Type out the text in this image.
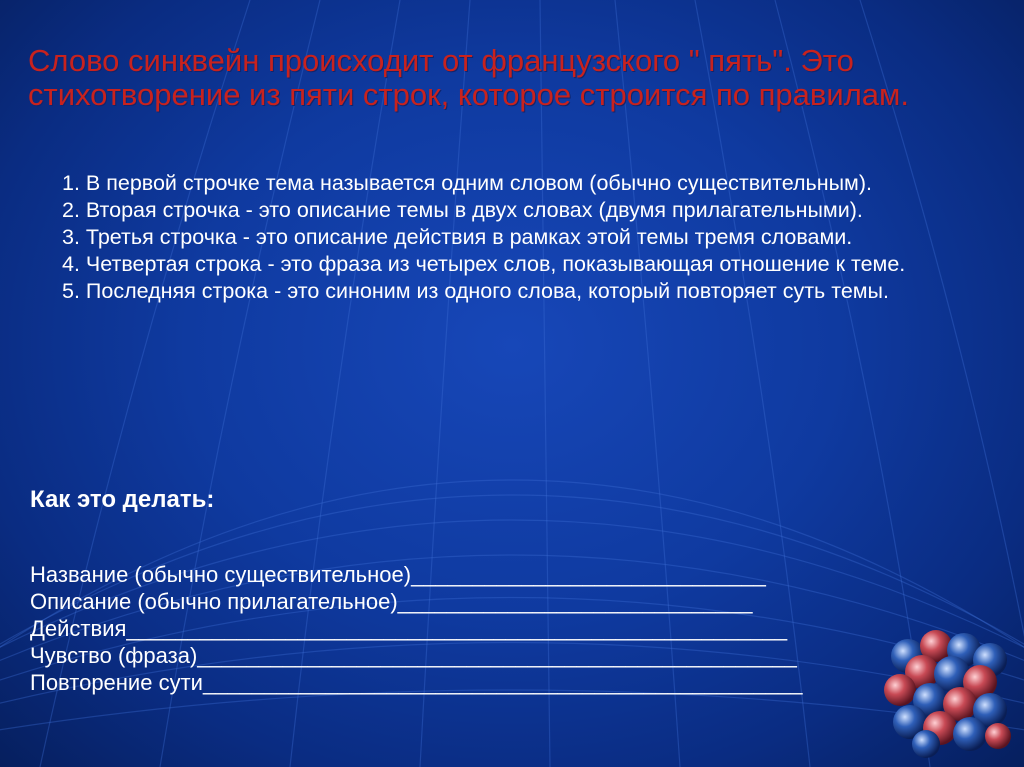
Слово синквейн происходит от французского " пять". Это стихотворение из пяти строк, которое строится по правилам.

1. В первой строчке тема называется одним словом (обычно существительным).

2. Вторая строчка - это описание темы в двух словах (двумя прилагательными).

3. Третья строчка - это описание действия в рамках этой темы тремя словами.

4. Четвертая строка - это фраза из четырех слов, показывающая отношение к теме.

5. Последняя строка - это синоним из одного слова, который повторяет суть темы.

Как это делать:
Название (обычно существительное)_____________________________
Описание (обычно прилагательное)_____________________________
Действия______________________________________________________
Чувство (фраза)_________________________________________________
Повторение сути_________________________________________________
